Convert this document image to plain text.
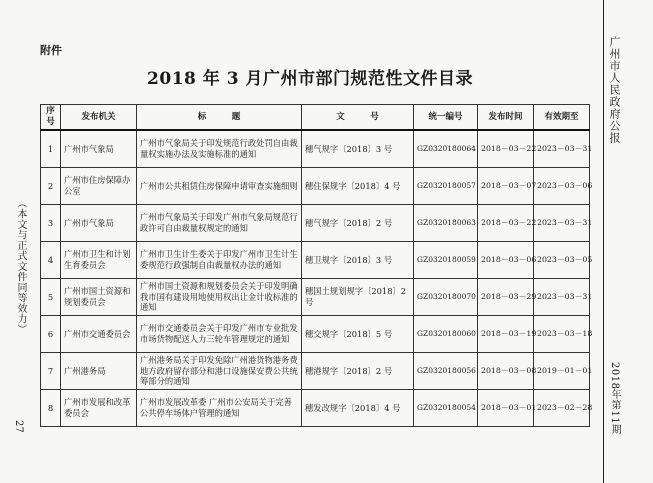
附件
2018 年 3 月广州市部门规范性文件目录	广州市人民政府公报
2018年第11期
（本文与正式文件同等效力）
27
序号	发布机关	标　　　题	文　　　号	统一编号	发布时间	有效期至
1	广州市气象局	广州市气象局关于印发规范行政处罚自由裁量权实施办法及实施标准的通知	穗气规字〔2018〕3 号	GZ0320180064	2018－03－22	2023－03－31
2	广州市住房保障办公室	广州市公共租赁住房保障申请审查实施细则	穗住保规字〔2018〕4 号	GZ0320180057	2018－03－07	2023－03－06
3	广州市气象局	广州市气象局关于印发广州市气象局规范行政许可自由裁量权规定的通知	穗气规字〔2018〕2 号	GZ0320180063	2018－03－22	2023－03－31
4	广州市卫生和计划生育委员会	广州市卫生计生委关于印发广州市卫生计生委规范行政强制自由裁量权办法的通知	穗卫规字〔2018〕3 号	GZ0320180059	2018－03－06	2023－03－05
5	广州市国土资源和规划委员会	广州市国土资源和规划委员会关于印发明确我市国有建设用地使用权出让金计收标准的通知	穗国土规划规字〔2018〕2 号	GZ0320180070	2018－03－29	2023－03－31
6	广州市交通委员会	广州市交通委员会关于印发广州市专业批发市场货物配送人力三轮车管理规定的通知	穗交规字〔2018〕5 号	GZ0320180060	2018－03－19	2023－03－18
7	广州港务局	广州港务局关于印发免除广州港货物港务费地方政府留存部分和港口设施保安费公共统筹部分的通知	穗港规字〔2018〕2 号	GZ0320180056	2018－03－08	2019－01－01
8	广州市发展和改革委员会	广州市发展改革委 广州市公安局关于完善公共停车场体户管理的通知	穗发改规字〔2018〕4 号	GZ0320180054	2018－03－01	2023－02－28
